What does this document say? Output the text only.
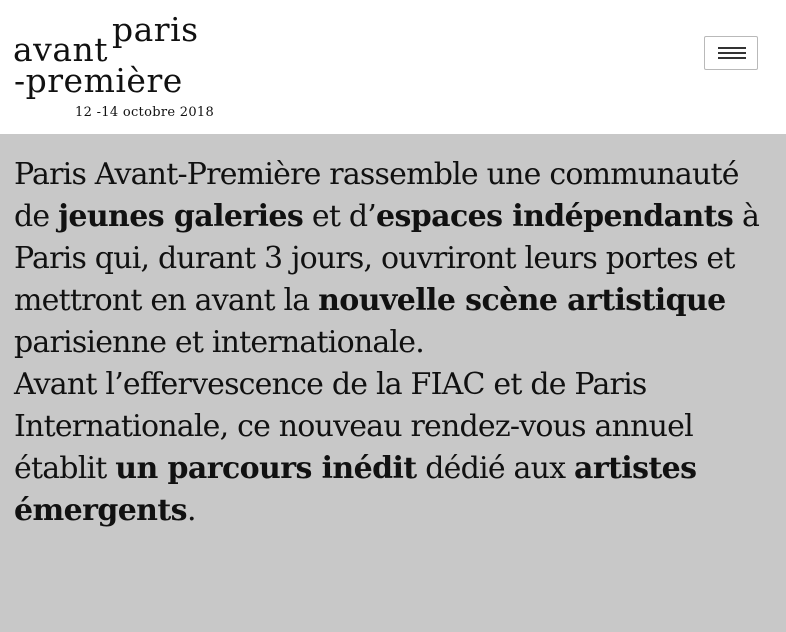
paris
avant
-première
12 -14 octobre 2018

Paris Avant-Première rassemble une communauté de jeunes galeries et d’espaces indépendants à Paris qui, durant 3 jours, ouvriront leurs portes et mettront en avant la nouvelle scène artistique parisienne et internationale.
Avant l’effervescence de la FIAC et de Paris Internationale, ce nouveau rendez-vous annuel établit un parcours inédit dédié aux artistes émergents.
